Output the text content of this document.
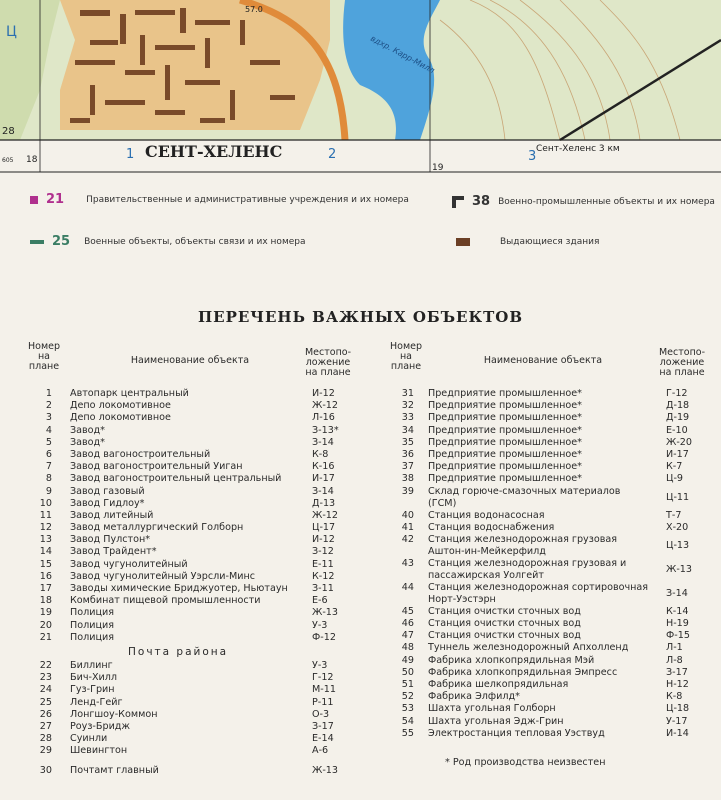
Ц
28
605 18	1	2
19
3
СЕНТ-ХЕЛЕНС	Сент-Хеленс 3 км
57.0
вдхр. Карр-Милл
21 Правительственные и административные учреждения и их номера	38 Военно-промышленные объекты и их номера
25 Военные объекты, объекты связи и их номера	Выдающиеся здания
ПЕРЕЧЕНЬ ВАЖНЫХ ОБЪЕКТОВ
Номер
на
плане
Наименование объекта
Местопо-
ложение
на плане
1 Автопарк центральный	И-12
2 Депо локомотивное	Ж-12
3 Депо локомотивное	Л-16
4 Завод*	З-13*
5 Завод*	З-14
6 Завод вагоностроительный	К-8
7 Завод вагоностроительный Уиган	К-16
8 Завод вагоностроительный центральный	И-17
9 Завод газовый	З-14
10 Завод Гидлоу*	Д-13
11 Завод литейный	Ж-12
12 Завод металлургический Голборн	Ц-17
13 Завод Пулстон*	И-12
14 Завод Трайдент*	З-12
15 Завод чугунолитейный	Е-11
16 Завод чугунолитейный Уэрсли-Минс	К-12
17 Заводы химические Бриджуотер, Ньютаун	З-11
18 Комбинат пищевой промышленности	Е-6
19 Полиция	Ж-13
20 Полиция	У-3
21 Полиция	Ф-12
Почта района
22 Биллинг	У-3
23 Бич-Хилл	Г-12
24 Гуз-Грин	М-11
25 Ленд-Гейг	Р-11
26 Лонгшоу-Коммон	О-3
27 Роуз-Бридж	З-17
28 Суинли	Е-14
29 Шевингтон	А-6
30 Почтамт главный	Ж-13
Номер
на
плане
Наименование объекта
Местопо-
ложение
на плане
31 Предприятие промышленное*	Г-12
32 Предприятие промышленное*	Д-18
33 Предприятие промышленное*	Д-19
34 Предприятие промышленное*	Е-10
35 Предприятие промышленное*	Ж-20
36 Предприятие промышленное*	И-17
37 Предприятие промышленное*	К-7
38 Предприятие промышленное*	Ц-9
39 Склад горюче-смазочных материалов
(ГСМ)
Ц-11
40 Станция водонасосная	Т-7
41 Станция водоснабжения	Х-20
42 Станция железнодорожная грузовая
Аштон-ин-Мейкерфилд
Ц-13
43 Станция железнодорожная грузовая и
пассажирская Уолгейт
Ж-13
44 Станция железнодорожная сортировочная
Норт-Уэстэрн
З-14
45 Станция очистки сточных вод	К-14
46 Станция очистки сточных вод	Н-19
47 Станция очистки сточных вод	Ф-15
48 Туннель железнодорожный Апхолленд	Л-1
49 Фабрика хлопкопрядильная Мэй	Л-8
50 Фабрика хлопкопрядильная Эмпресс	З-17
51 Фабрика шелкопрядильная	Н-12
52 Фабрика Элфилд*	К-8
53 Шахта угольная Голборн	Ц-18
54 Шахта угольная Эдж-Грин	У-17
55 Электростанция тепловая Уэствуд	И-14
* Род производства неизвестен
